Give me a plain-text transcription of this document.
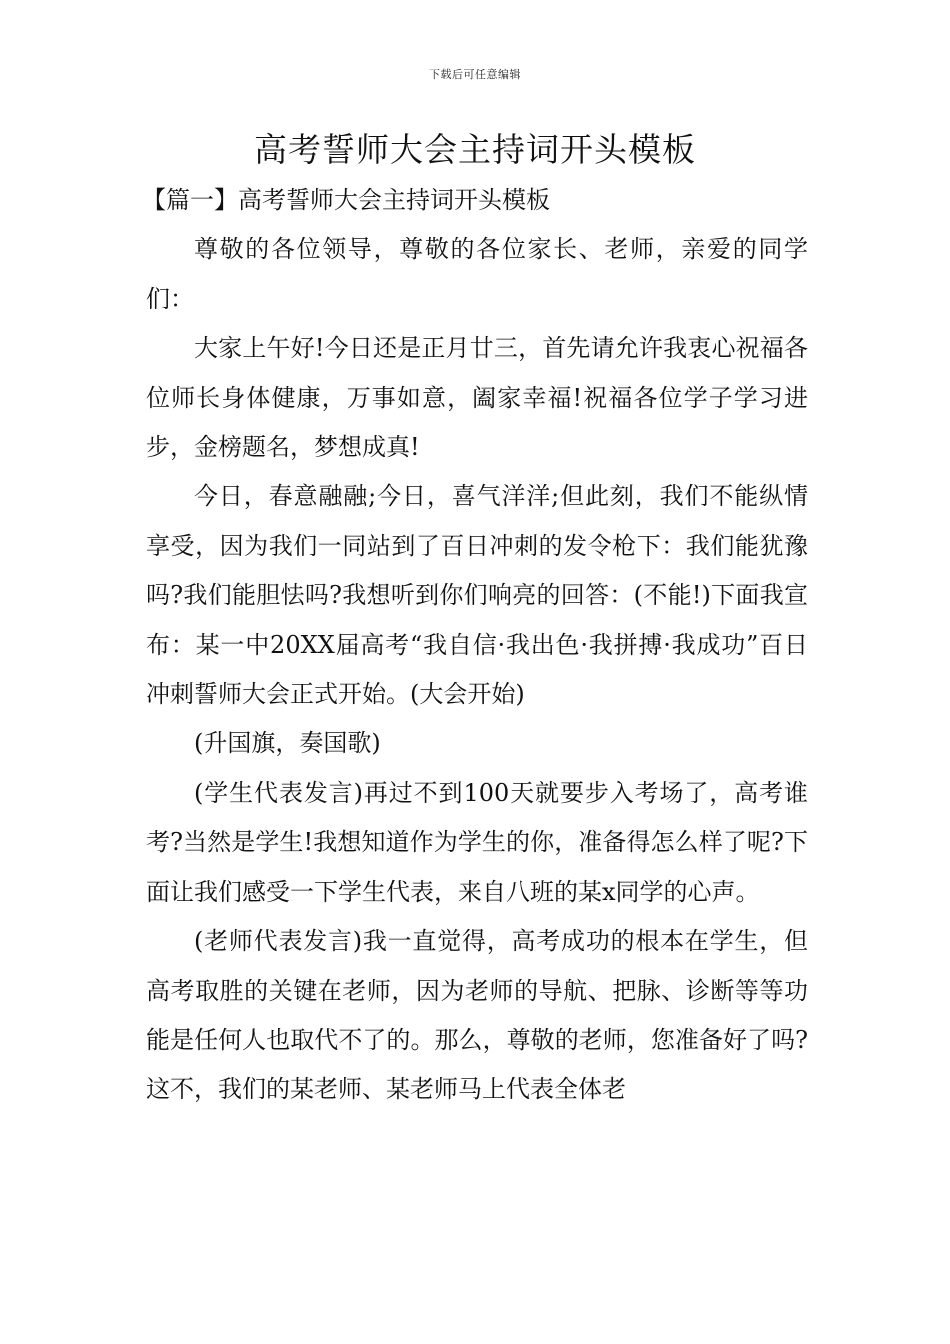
下载后可任意编辑
高考誓师大会主持词开头模板
【篇一】高考誓师大会主持词开头模板

尊敬的各位领导，尊敬的各位家长、老师，亲爱的同学们：

大家上午好!今日还是正月廿三，首先请允许我衷心祝福各位师长身体健康，万事如意，阖家幸福!祝福各位学子学习进步，金榜题名，梦想成真!

今日，春意融融;今日，喜气洋洋;但此刻，我们不能纵情享受，因为我们一同站到了百日冲刺的发令枪下：我们能犹豫吗?我们能胆怯吗?我想听到你们响亮的回答：(不能!)下面我宣布：某一中20XX届高考“我自信·我出色·我拼搏·我成功”百日冲刺誓师大会正式开始。(大会开始)

(升国旗，奏国歌)

(学生代表发言)再过不到100天就要步入考场了，高考谁考?当然是学生!我想知道作为学生的你，准备得怎么样了呢?下面让我们感受一下学生代表，来自八班的某x同学的心声。

(老师代表发言)我一直觉得，高考成功的根本在学生，但高考取胜的关键在老师，因为老师的导航、把脉、诊断等等功能是任何人也取代不了的。那么，尊敬的老师，您准备好了吗?这不，我们的某老师、某老师马上代表全体老
